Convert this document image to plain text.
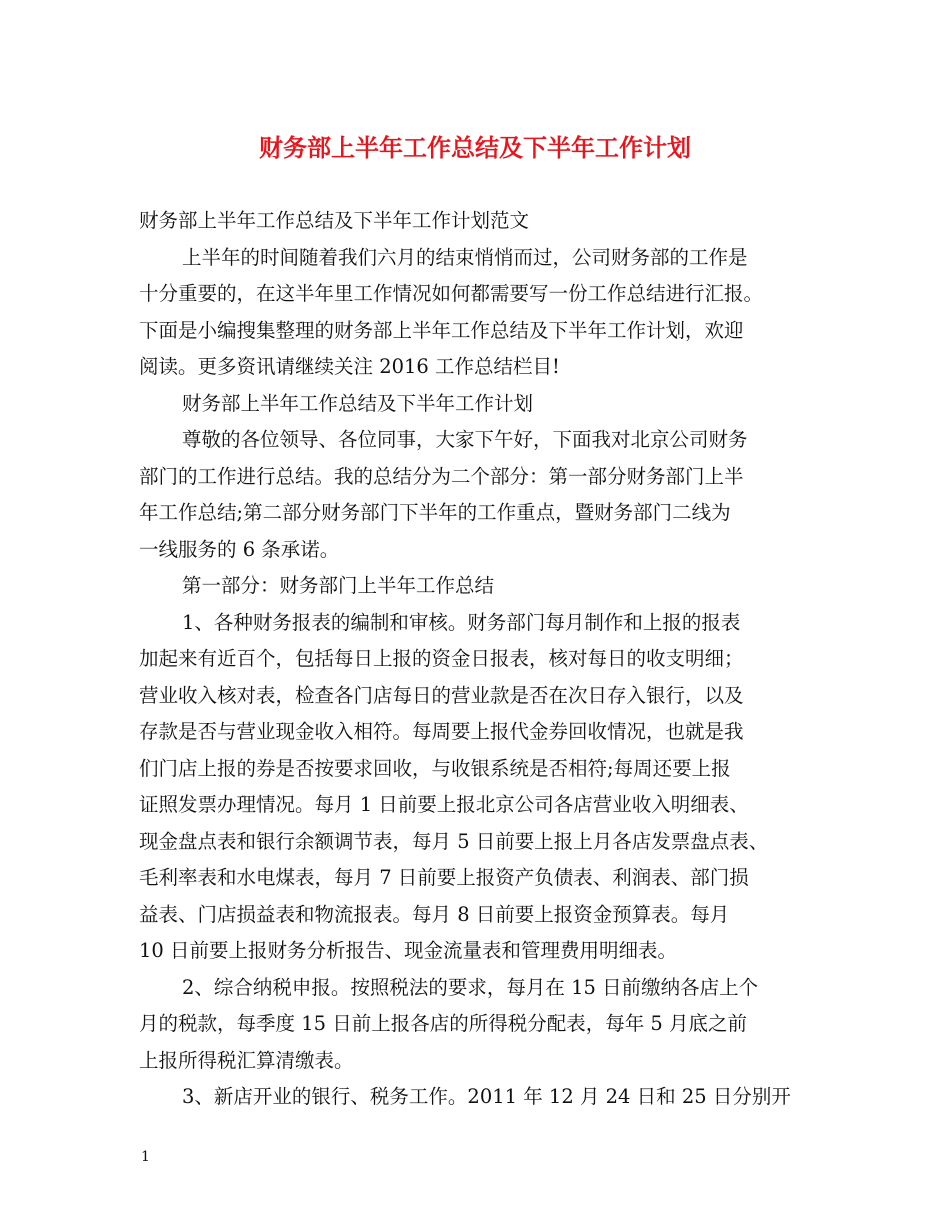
财务部上半年工作总结及下半年工作计划

财务部上半年工作总结及下半年工作计划范文

上半年的时间随着我们六月的结束悄悄而过，公司财务部的工作是

十分重要的，在这半年里工作情况如何都需要写一份工作总结进行汇报。

下面是小编搜集整理的财务部上半年工作总结及下半年工作计划，欢迎

阅读。更多资讯请继续关注 2016 工作总结栏目!

财务部上半年工作总结及下半年工作计划

尊敬的各位领导、各位同事，大家下午好，下面我对北京公司财务

部门的工作进行总结。我的总结分为二个部分：第一部分财务部门上半

年工作总结;第二部分财务部门下半年的工作重点，暨财务部门二线为

一线服务的 6 条承诺。

第一部分：财务部门上半年工作总结

1、各种财务报表的编制和审核。财务部门每月制作和上报的报表

加起来有近百个，包括每日上报的资金日报表，核对每日的收支明细；

营业收入核对表，检查各门店每日的营业款是否在次日存入银行，以及

存款是否与营业现金收入相符。每周要上报代金券回收情况，也就是我

们门店上报的券是否按要求回收，与收银系统是否相符;每周还要上报

证照发票办理情况。每月 1 日前要上报北京公司各店营业收入明细表、

现金盘点表和银行余额调节表，每月 5 日前要上报上月各店发票盘点表、

毛利率表和水电煤表，每月 7 日前要上报资产负债表、利润表、部门损

益表、门店损益表和物流报表。每月 8 日前要上报资金预算表。每月

10 日前要上报财务分析报告、现金流量表和管理费用明细表。

2、综合纳税申报。按照税法的要求，每月在 15 日前缴纳各店上个

月的税款，每季度 15 日前上报各店的所得税分配表，每年 5 月底之前

上报所得税汇算清缴表。

3、新店开业的银行、税务工作。2011 年 12 月 24 日和 25 日分别开

1
